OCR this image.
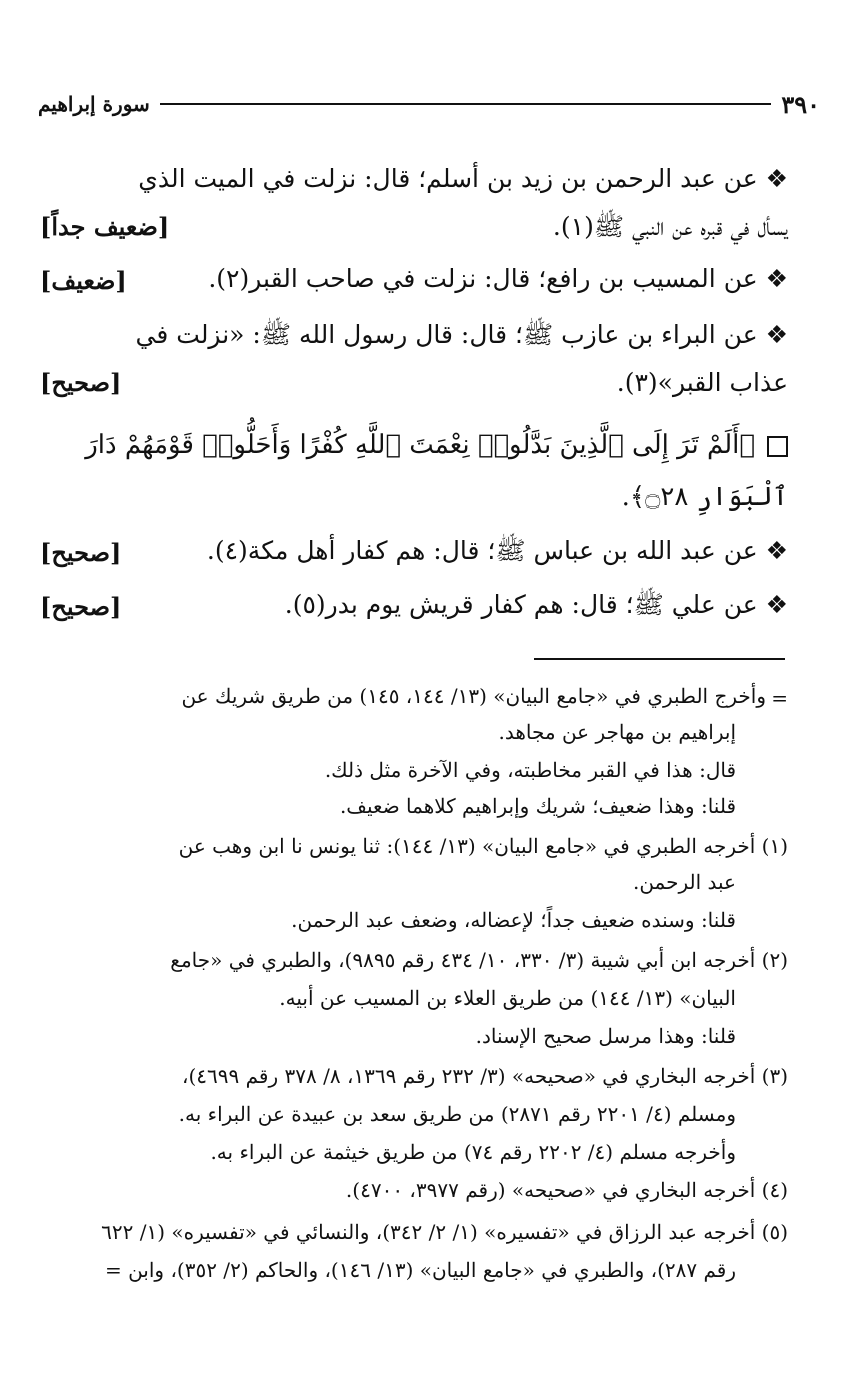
٣٩٠
سورة إبراهيم
❖ عن عبد الرحمن بن زيد بن أسلم؛ قال: نزلت في الميت الذي
يسأل في قبره عن النبي ﷺ(١).
[ضعيف جداً]
❖ عن المسيب بن رافع؛ قال: نزلت في صاحب القبر(٢).
[ضعيف]
❖ عن البراء بن عازب ﷺ؛ قال: قال رسول الله ﷺ: «نزلت في
عذاب القبر»(٣).
[صحيح]
﴿أَلَمْ تَرَ إِلَى ٱلَّذِينَ بَدَّلُوا۟ نِعْمَتَ ٱللَّهِ كُفْرًا وَأَحَلُّوا۟ قَوْمَهُمْ دَارَ
ٱلْبَوَارِ ۝٢٨﴾.
❖ عن عبد الله بن عباس ﷺ؛ قال: هم كفار أهل مكة(٤).
[صحيح]
❖ عن علي ﷺ؛ قال: هم كفار قريش يوم بدر(٥).
[صحيح]
وأخرج الطبري في «جامع البيان» (١٣/ ١٤٤، ١٤٥) من طريق شريك عن =
إبراهيم بن مهاجر عن مجاهد.
قال: هذا في القبر مخاطبته، وفي الآخرة مثل ذلك.
قلنا: وهذا ضعيف؛ شريك وإبراهيم كلاهما ضعيف.
(١) أخرجه الطبري في «جامع البيان» (١٣/ ١٤٤): ثنا يونس نا ابن وهب عن
عبد الرحمن.
قلنا: وسنده ضعيف جداً؛ لإعضاله، وضعف عبد الرحمن.
(٢) أخرجه ابن أبي شيبة (٣/ ٣٣٠، ١٠/ ٤٣٤ رقم ٩٨٩٥)، والطبري في «جامع
البيان» (١٣/ ١٤٤) من طريق العلاء بن المسيب عن أبيه.
قلنا: وهذا مرسل صحيح الإسناد.
(٣) أخرجه البخاري في «صحيحه» (٣/ ٢٣٢ رقم ١٣٦٩، ٨/ ٣٧٨ رقم ٤٦٩٩)،
ومسلم (٤/ ٢٢٠١ رقم ٢٨٧١) من طريق سعد بن عبيدة عن البراء به.
وأخرجه مسلم (٤/ ٢٢٠٢ رقم ٧٤) من طريق خيثمة عن البراء به.
(٤) أخرجه البخاري في «صحيحه» (رقم ٣٩٧٧، ٤٧٠٠).
(٥) أخرجه عبد الرزاق في «تفسيره» (١/ ٢/ ٣٤٢)، والنسائي في «تفسيره» (١/ ٦٢٢
رقم ٢٨٧)، والطبري في «جامع البيان» (١٣/ ١٤٦)، والحاكم (٢/ ٣٥٢)، وابن =
